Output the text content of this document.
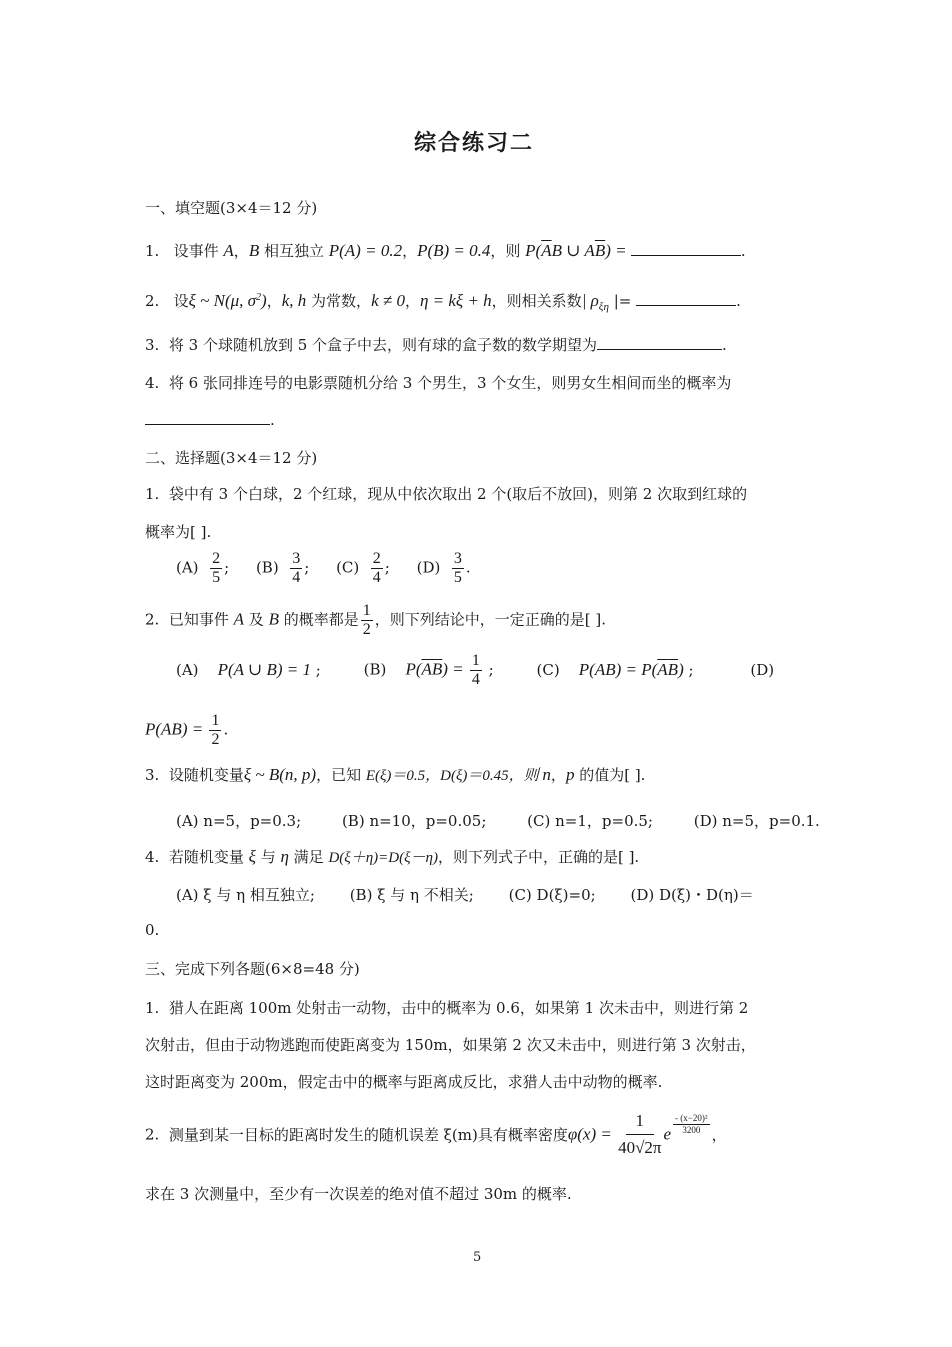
综合练习二
一、填空题(3×4＝12 分)
1. 设事件 A，B 相互独立 P(A) = 0.2，P(B) = 0.4，则 $P(\overline{A}B$ ∪ $A\overline{B}$) =	.
2. 设ξ ~ N(μ, $\sigma^2$)，k, h 为常数，k ≠ 0，η = kξ + h，则相关系数| $\rho_{\xi\eta}$ |=	.
3. 将 3 个球随机放到 5 个盒子中去，则有球的盒子数的数学期望为	.
4. 将 6 张同排连号的电影票随机分给 3 个男生，3 个女生，则男女生相间而坐的概率为
.
二、选择题(3×4＝12 分)
1. 袋中有 3 个白球，2 个红球，现从中依次取出 2 个(取后不放回)，则第 2 次取到红球的
概率为[ ].
$(A) \frac{2}{5}$ ; $(B) \frac{3}{4}$ ; $(C) \frac{2}{4}$ ; $(D) \frac{3}{5}$ .
2. 已知事件 A 及 B 的概率都是 $\frac{1}{2}$ ，则下列结论中，一定正确的是[ ].
(A) P(A ∪ B) = 1 ;	(B) $P(\overline{AB}) = \frac{1}{4}$ ;	(C) $P(AB) = P(\overline{A}\overline{B})$ ;	(D)
$P(AB) = \frac{1}{2}$ .
3. 设随机变量ξ ~ B(n, p)，已知 E(ξ)＝0.5，D(ξ)＝0.45，则 n，p 的值为[ ].
(A) n=5，p=0.3;	(B) n=10，p=0.05;	(C) n=1，p=0.5;	(D) n=5，p=0.1.
4. 若随机变量 ξ 与 η 满足 D(ξ＋η)=D(ξ－η)，则下列式子中，正确的是[ ].
(A) ξ 与 η 相互独立; (B) ξ 与 η 不相关; (C) D(ξ)=0; (D) D(ξ)・D(η)＝
0.
三、完成下列各题(6×8=48 分)
1. 猎人在距离 100m 处射击一动物，击中的概率为 0.6，如果第 1 次未击中，则进行第 2
次射击，但由于动物逃跑而使距离变为 150m，如果第 2 次又未击中，则进行第 3 次射击，
这时距离变为 200m，假定击中的概率与距离成反比，求猎人击中动物的概率.
2. 测量到某一目标的距离时发生的随机误差 ξ(m)具有概率密度$\varphi(x) = \frac{1}{40√2\pi}$ e $\frac{\text{- (x−20)²}}{3200}$ ，
求在 3 次测量中，至少有一次误差的绝对值不超过 30m 的概率.
5
